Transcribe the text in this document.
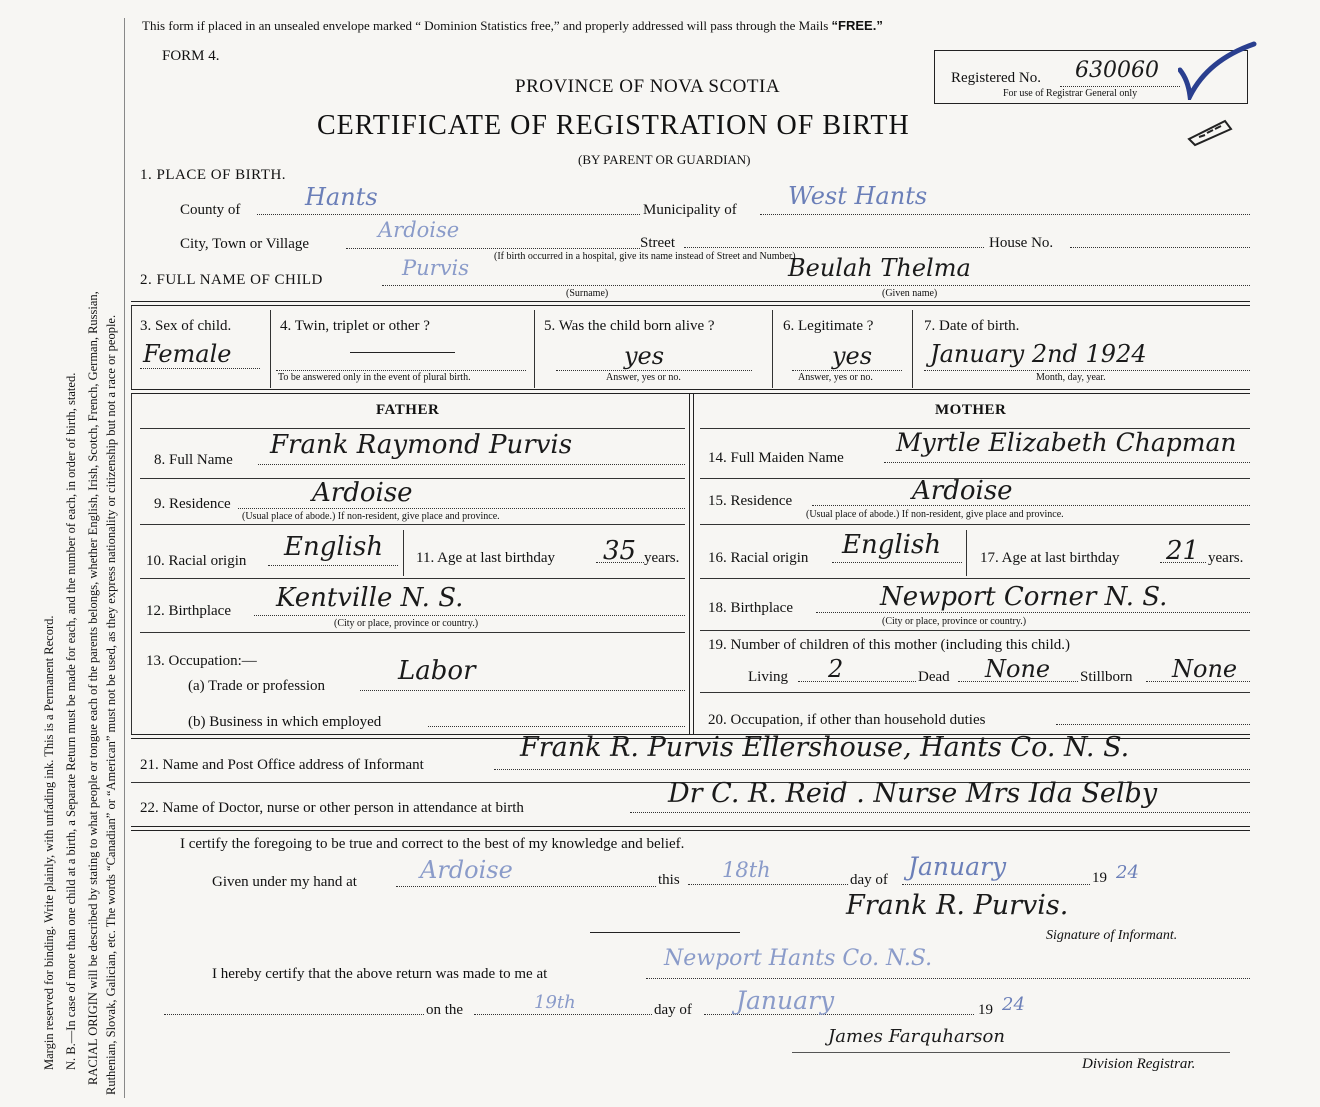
Margin reserved for binding. Write plainly, with unfading ink. This is a Permanent Record. N. B.—In case of more than one child at a birth, a Separate Return must be made for each, and the number of each, in order of birth, stated. RACIAL ORIGIN will be described by stating to what people or tongue each of the parents belongs, whether English, Irish, Scotch, French, German, Russian, Ruthenian, Slovak, Galician, etc. The words “Canadian” or “American” must not be used, as they express nationality or citizenship but not a race or people.
This form if placed in an unsealed envelope marked “ Dominion Statistics free,” and properly addressed will pass through the Mails “FREE.”
FORM 4.
PROVINCE OF NOVA SCOTIA
CERTIFICATE OF REGISTRATION OF BIRTH
(BY PARENT OR GUARDIAN)
Registered No. 630060
For use of Registrar General only
1. PLACE OF BIRTH.
County of	Hants	Municipality of West Hants
City, Town or Village
Ardoise
Street
(If birth occurred in a hospital, give its name instead of Street and Number)
House No.
2. FULL NAME OF CHILD	Purvis	Beulah Thelma
(Surname)	(Given name)
3. Sex of child.
Female
4. Twin, triplet or other ?
To be answered only in the event of plural birth.
5. Was the child born alive ?
yes
Answer, yes or no.
6. Legitimate ?
yes
Answer, yes or no.
7. Date of birth.
January 2nd 1924
Month, day, year.
FATHER	MOTHER
8. Full Name Frank Raymond Purvis
9. Residence	Ardoise
(Usual place of abode.) If non-resident, give place and province.
10. Racial origin English 11. Age at last birthday 35 years.
12. Birthplace Kentville N. S.
(City or place, province or country.)
13. Occupation:—
(a) Trade or profession	Labor
(b) Business in which employed
14. Full Maiden Name
Myrtle Elizabeth Chapman
15. Residence	Ardoise
(Usual place of abode.) If non-resident, give place and province.
16. Racial origin English	17. Age at last birthday 21 years.
18. Birthplace	Newport Corner N. S.
(City or place, province or country.)
19. Number of children of this mother (including this child.)
Living 2	Dead None Stillborn None
20. Occupation, if other than household duties
21. Name and Post Office address of Informant
Frank R. Purvis Ellershouse, Hants Co. N. S.
22. Name of Doctor, nurse or other person in attendance at birth	Dr C. R. Reid . Nurse Mrs Ida Selby
I certify the foregoing to be true and correct to the best of my knowledge and belief.
Given under my hand at	Ardoise	this 18th	day of January	19 24
Frank R. Purvis.
Signature of Informant.
I hereby certify that the above return was made to me at
Newport Hants Co. N.S.
on the	19th	day of January	19 24
James Farquharson
Division Registrar.
